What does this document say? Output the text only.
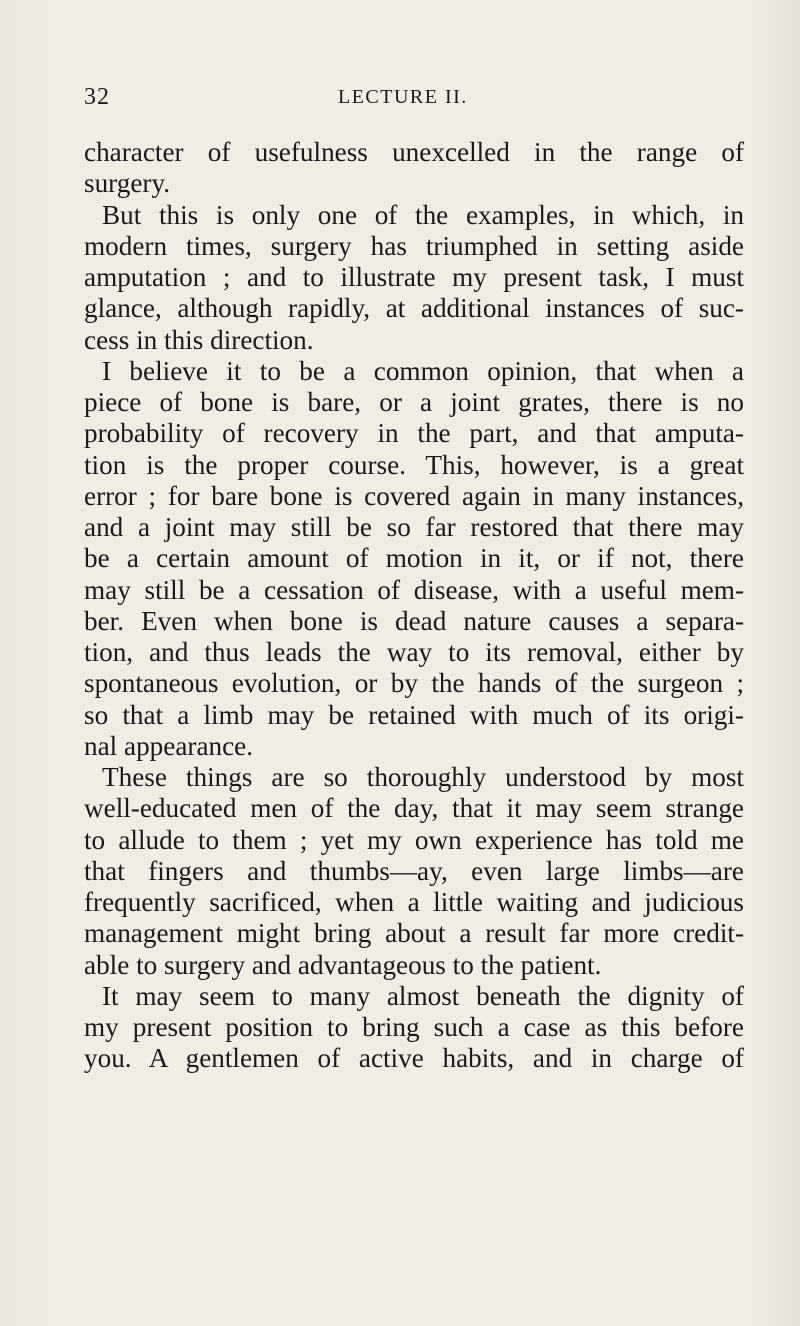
32	LECTURE II.
character of usefulness unexcelled in the range of
surgery.
But this is only one of the examples, in which, in
modern times, surgery has triumphed in setting aside
amputation ; and to illustrate my present task, I must
glance, although rapidly, at additional instances of suc-
cess in this direction.
I believe it to be a common opinion, that when a
piece of bone is bare, or a joint grates, there is no
probability of recovery in the part, and that amputa-
tion is the proper course. This, however, is a great
error ; for bare bone is covered again in many instances,
and a joint may still be so far restored that there may
be a certain amount of motion in it, or if not, there
may still be a cessation of disease, with a useful mem-
ber. Even when bone is dead nature causes a separa-
tion, and thus leads the way to its removal, either by
spontaneous evolution, or by the hands of the surgeon ;
so that a limb may be retained with much of its origi-
nal appearance.
These things are so thoroughly understood by most
well-educated men of the day, that it may seem strange
to allude to them ; yet my own experience has told me
that fingers and thumbs—ay, even large limbs—are
frequently sacrificed, when a little waiting and judicious
management might bring about a result far more credit-
able to surgery and advantageous to the patient.
It may seem to many almost beneath the dignity of
my present position to bring such a case as this before
you. A gentlemen of active habits, and in charge of
